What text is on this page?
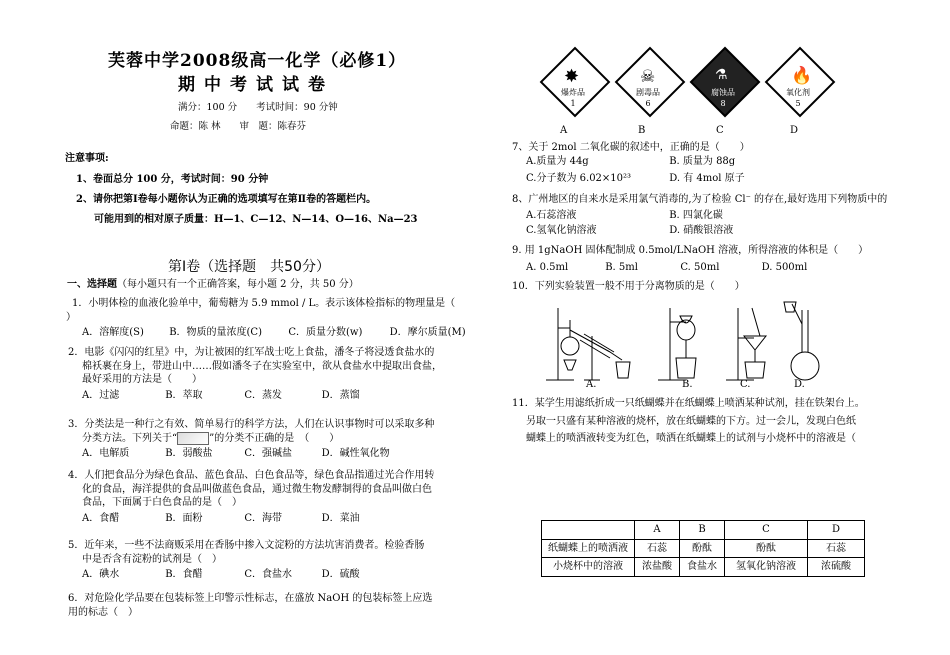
芙蓉中学2008级高一化学（必修1）
期中考试试卷
满分：100 分　　考试时间：90 分钟
命题：陈 林　　审　题：陈春芬
注意事项:
1、卷面总分 100 分，考试时间：90 分钟
2、请你把第Ⅰ卷每小题你认为正确的选项填写在第Ⅱ卷的答题栏内。
可能用到的相对原子质量：H—1、C—12、N—14、O—16、Na—23
第Ⅰ卷（选择题　共50分）
一、选择题（每小题只有一个正确答案，每小题 2 分，共 50 分）
1．小明体检的血液化验单中，葡萄糖为 5.9 mmol / L。表示该体检指标的物理量是（
）
A．溶解度(S)	B．物质的量浓度(C)	C．质量分数(w)	D．摩尔质量(M)
2．电影《闪闪的红星》中，为让被困的红军战士吃上食盐，潘冬子将浸透食盐水的
棉袄裹在身上，带进山中……假如潘冬子在实验室中，欲从食盐水中提取出食盐，
最好采用的方法是（　　）
A．过滤	B．萃取	C．蒸发	D．蒸馏
3．分类法是一种行之有效、简单易行的科学方法，人们在认识事物时可以采取多种
分类方法。下列关于“	”的分类不正确的是　（　　）
A．电解质	B．弱酸盐	C．强碱盐	D．碱性氧化物
4．人们把食品分为绿色食品、蓝色食品、白色食品等，绿色食品指通过光合作用转
化的食品，海洋提供的食品叫做蓝色食品，通过微生物发酵制得的食品叫做白色
食品，下面属于白色食品的是（　）
A．食醋	B．面粉	C．海带	D．菜油
5．近年来，一些不法商贩采用在香肠中掺入文淀粉的方法坑害消费者。检验香肠
中是否含有淀粉的试剂是（　）
A．碘水	B．食醋	C．食盐水	D．硫酸
6．对危险化学品要在包装标签上印警示性标志，在盛放 NaOH 的包装标签上应选
用的标志（　）
✸
爆炸品
1
☠
剧毒品
6
⚗
腐蚀品
8
🔥
氧化剂
5
A	B	C	D
7、关于 2mol 二氧化碳的叙述中，正确的是（　　）
A.质量为 44g	B. 质量为 88g
C.分子数为 6.02×10²³	D. 有 4mol 原子
8、广州地区的自来水是采用氯气消毒的,为了检验 Cl⁻ 的存在,最好选用下列物质中的
A.石蕊溶液	B. 四氯化碳
C.氢氧化钠溶液	D. 硝酸银溶液
9. 用 1gNaOH 固体配制成 0.5mol/LNaOH 溶液，所得溶液的体积是（　　）
A. 0.5ml	B. 5ml	C. 50ml	D. 500ml
10．下列实验装置一般不用于分离物质的是（　　）
A.	B.	C.	D.
11．某学生用滤纸折成一只纸蝴蝶并在纸蝴蝶上喷洒某种试剂，挂在铁架台上。
另取一只盛有某种溶液的烧杯，放在纸蝴蝶的下方。过一会儿，发现白色纸
蝴蝶上的喷洒液转变为红色，喷洒在纸蝴蝶上的试剂与小烧杯中的溶液是（
	A	B	C	D
纸蝴蝶上的喷洒液	石蕊	酚酞	酚酞	石蕊
小烧杯中的溶液	浓盐酸	食盐水	氢氧化钠溶液	浓硫酸
